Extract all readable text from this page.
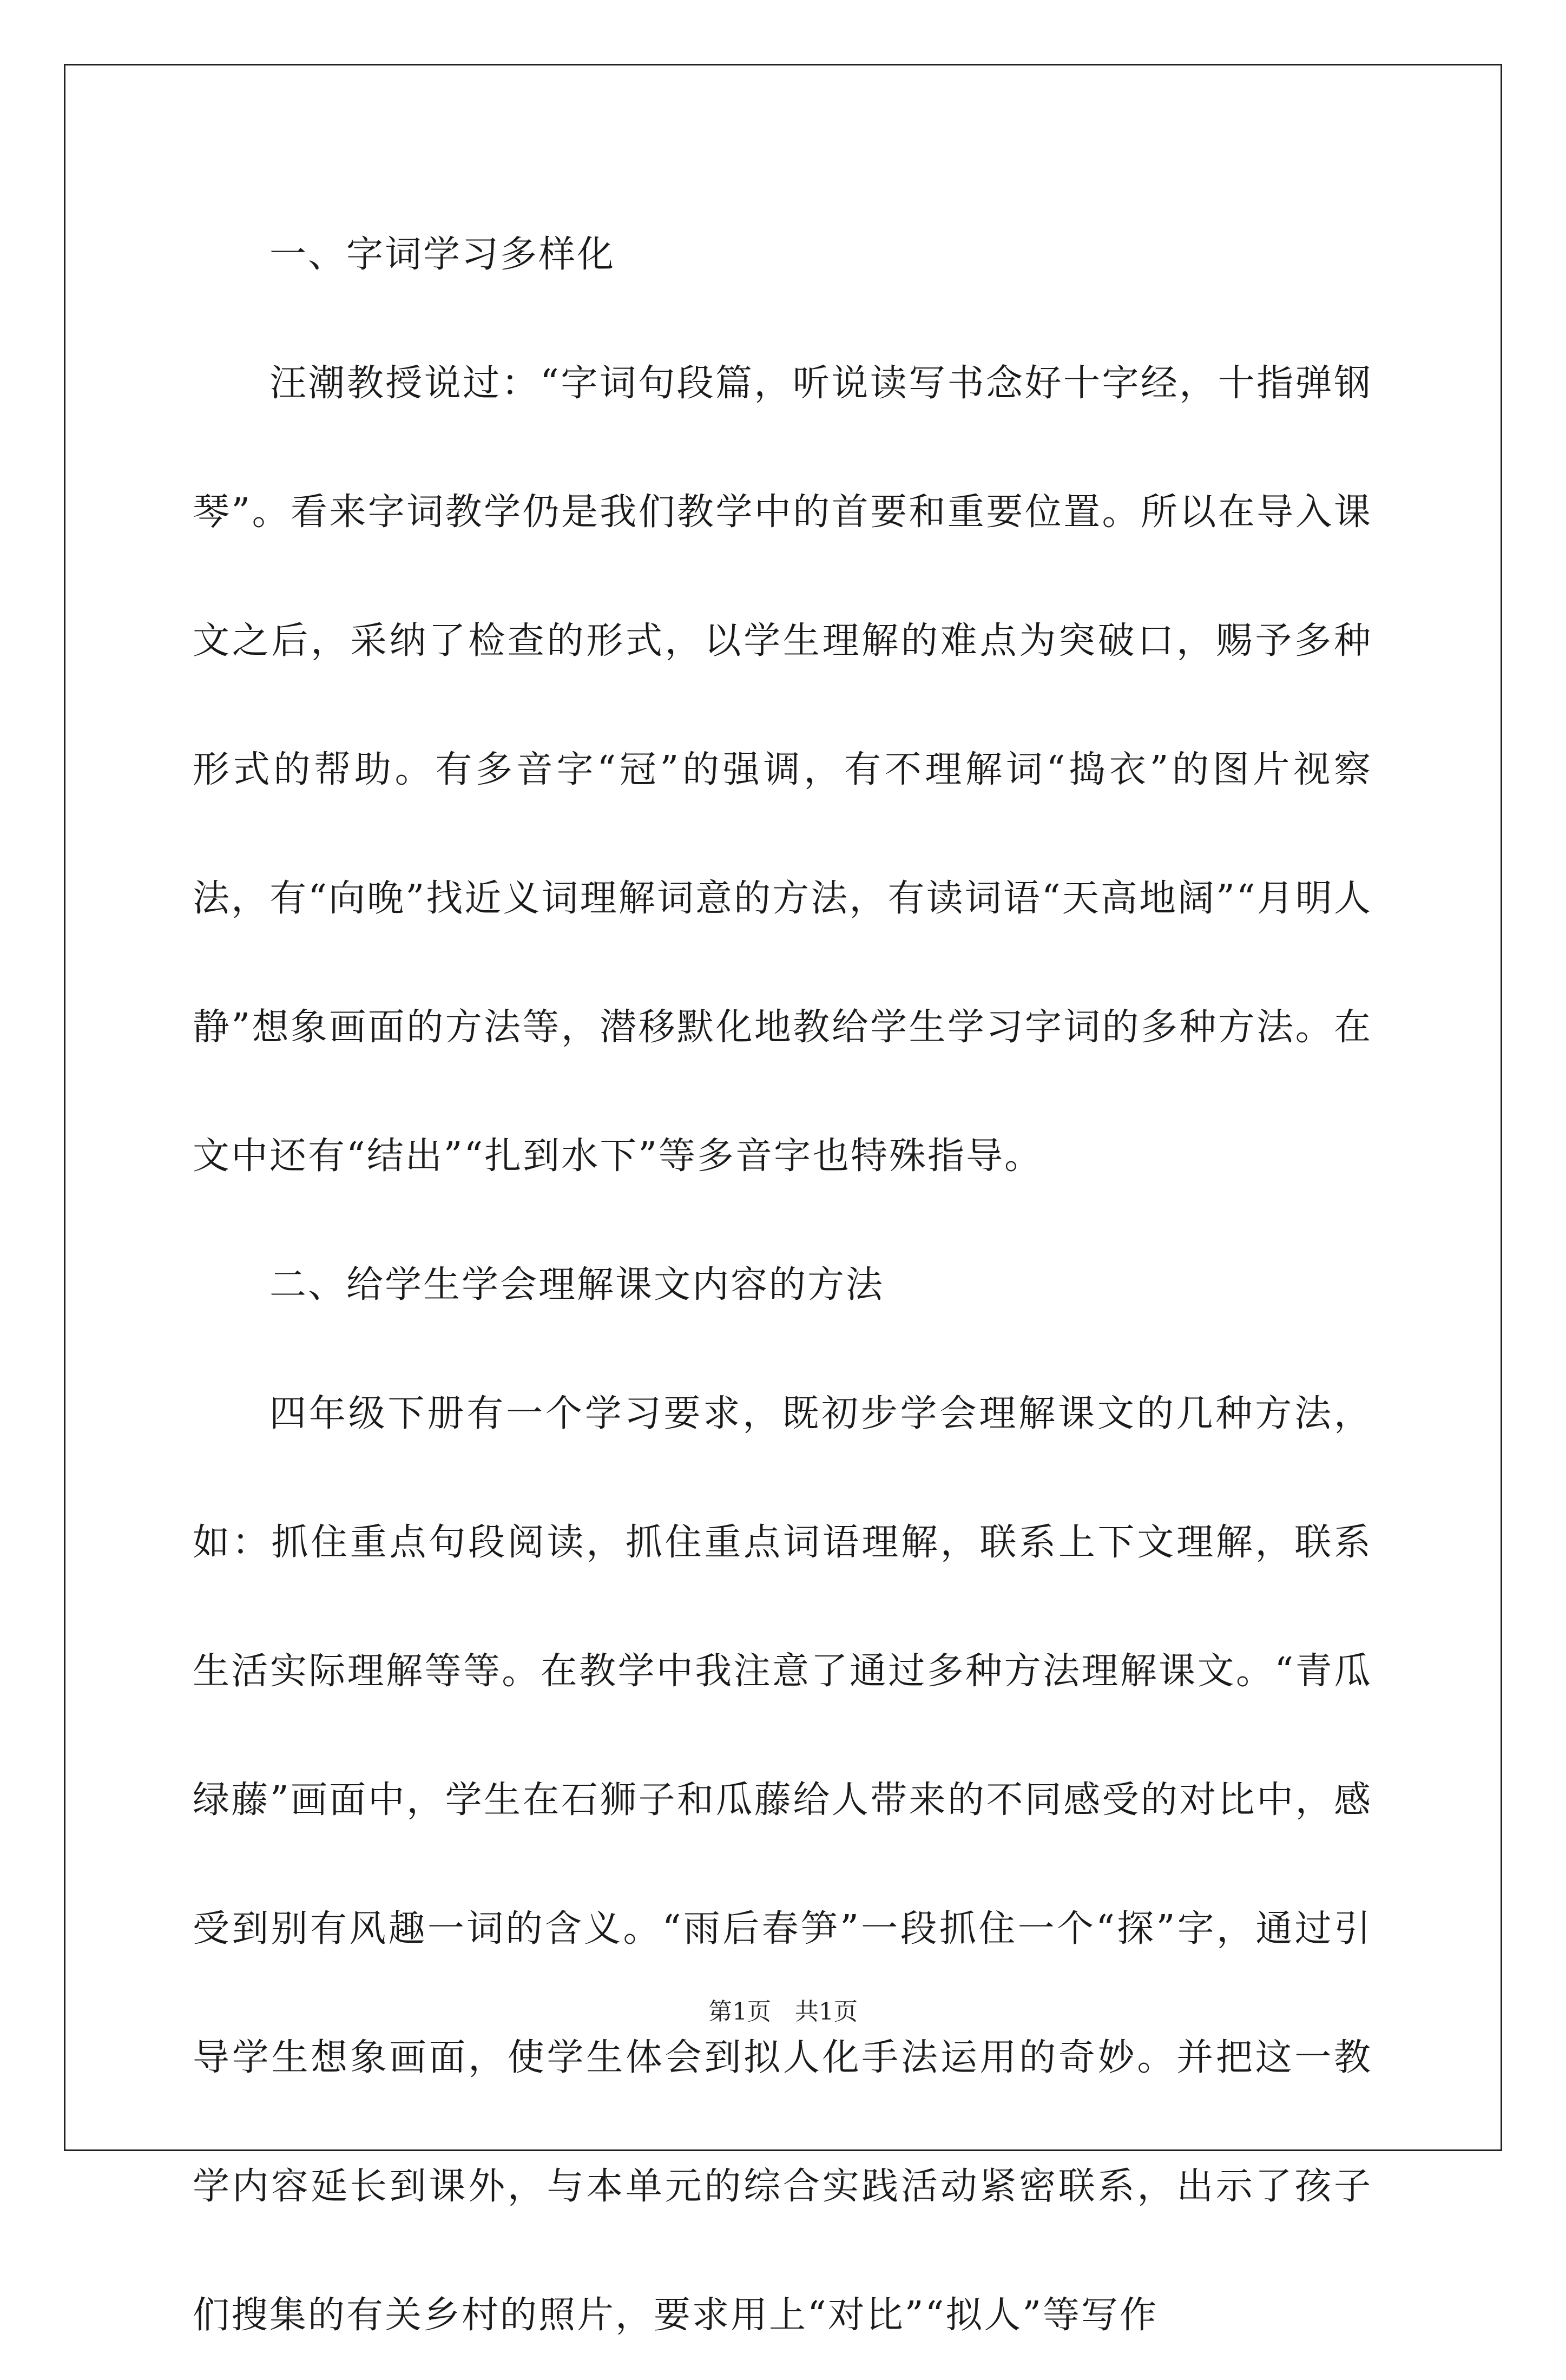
一、字词学习多样化

汪潮教授说过：“字词句段篇，听说读写书念好十字经，十指弹钢琴”。看来字词教学仍是我们教学中的首要和重要位置。所以在导入课文之后，采纳了检查的形式，以学生理解的难点为突破口，赐予多种形式的帮助。有多音字“冠”的强调，有不理解词“捣衣”的图片视察法，有“向晚”找近义词理解词意的方法，有读词语“天高地阔”“月明人静”想象画面的方法等，潜移默化地教给学生学习字词的多种方法。在文中还有“结出”“扎到水下”等多音字也特殊指导。

二、给学生学会理解课文内容的方法

四年级下册有一个学习要求，既初步学会理解课文的几种方法，如：抓住重点句段阅读，抓住重点词语理解，联系上下文理解，联系生活实际理解等等。在教学中我注意了通过多种方法理解课文。“青瓜绿藤”画面中，学生在石狮子和瓜藤给人带来的不同感受的对比中，感受到别有风趣一词的含义。“雨后春笋”一段抓住一个“探”字，通过引导学生想象画面，使学生体会到拟人化手法运用的奇妙。并把这一教学内容延长到课外，与本单元的综合实践活动紧密联系，出示了孩子们搜集的有关乡村的照片，要求用上“对比”“拟人”等写作

第1页　共1页
